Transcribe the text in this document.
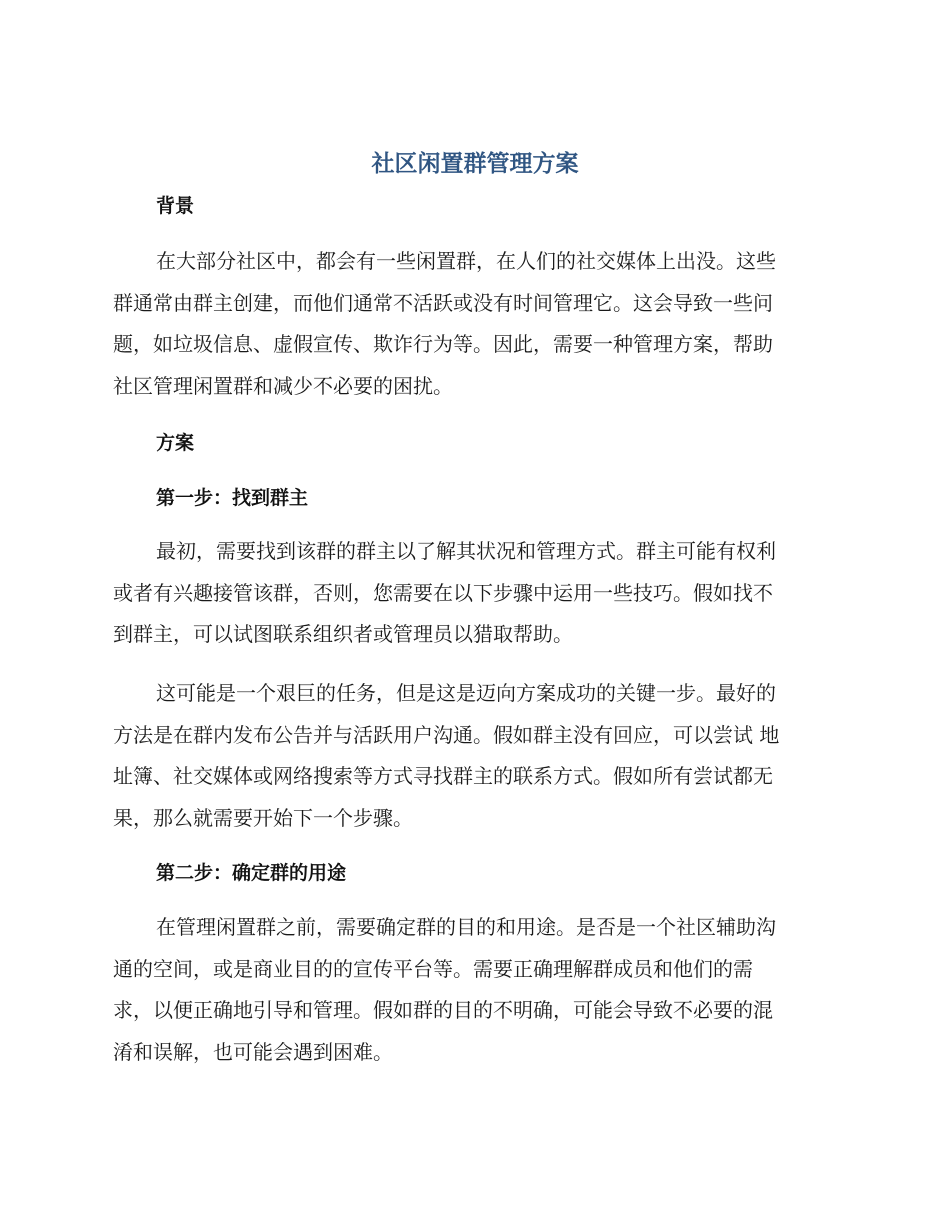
社区闲置群管理方案
背景

在大部分社区中，都会有一些闲置群，在人们的社交媒体上出没。这些
群通常由群主创建，而他们通常不活跃或没有时间管理它。这会导致一些问
题，如垃圾信息、虚假宣传、欺诈行为等。因此，需要一种管理方案，帮助
社区管理闲置群和减少不必要的困扰。

方案
第一步：找到群主

最初，需要找到该群的群主以了解其状况和管理方式。群主可能有权利
或者有兴趣接管该群，否则，您需要在以下步骤中运用一些技巧。假如找不
到群主，可以试图联系组织者或管理员以猎取帮助。

这可能是一个艰巨的任务，但是这是迈向方案成功的关键一步。最好的
方法是在群内发布公告并与活跃用户沟通。假如群主没有回应，可以尝试 地
址簿、社交媒体或网络搜索等方式寻找群主的联系方式。假如所有尝试都无
果，那么就需要开始下一个步骤。

第二步：确定群的用途

在管理闲置群之前，需要确定群的目的和用途。是否是一个社区辅助沟
通的空间，或是商业目的的宣传平台等。需要正确理解群成员和他们的需
求，以便正确地引导和管理。假如群的目的不明确，可能会导致不必要的混
淆和误解，也可能会遇到困难。
